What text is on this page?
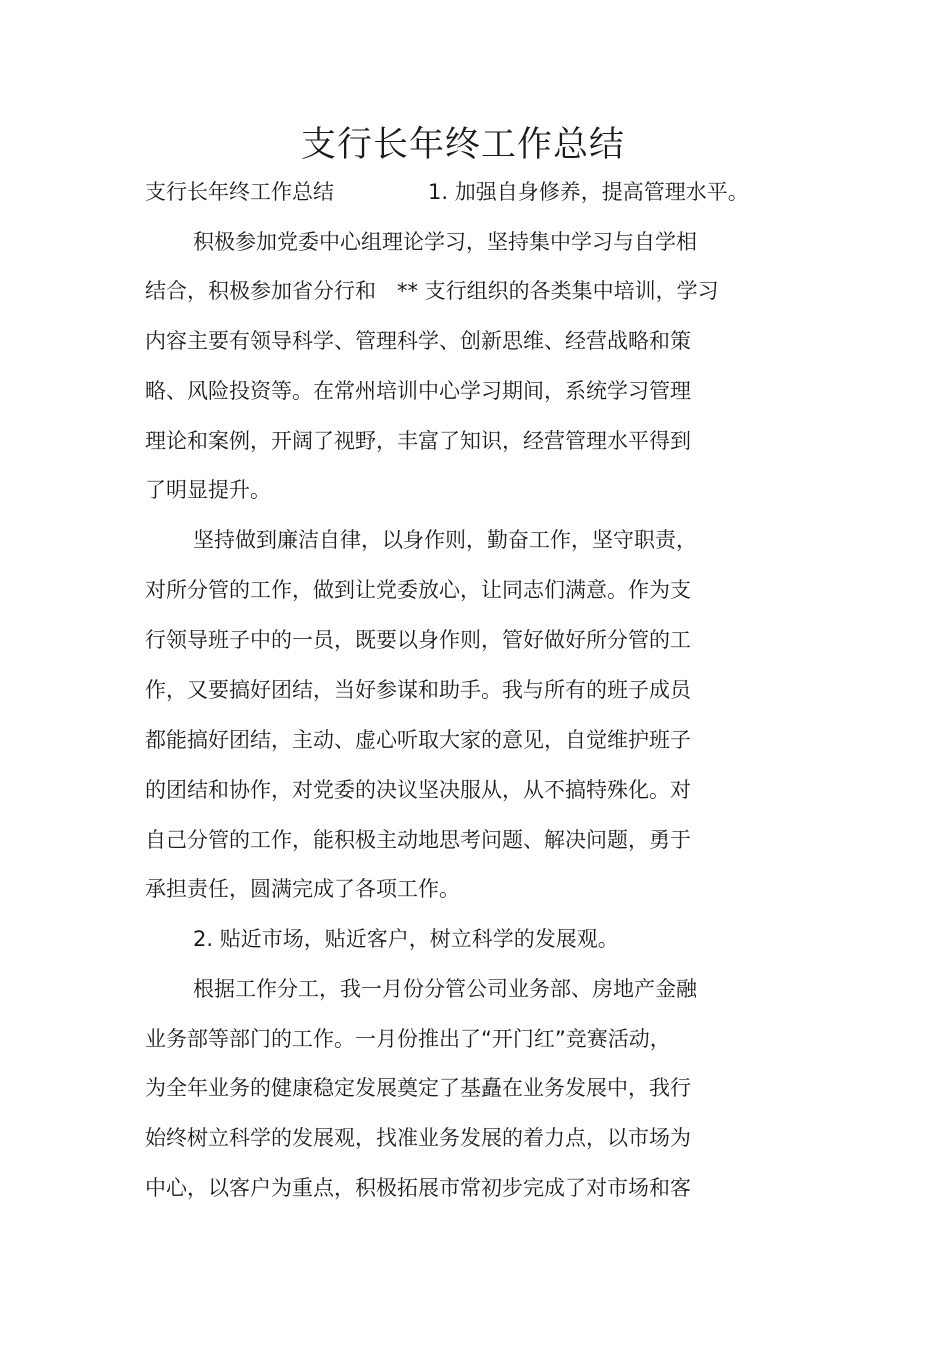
支行长年终工作总结

支行长年终工作总结	1. 加强自身修养，提高管理水平。

积极参加党委中心组理论学习，坚持集中学习与自学相

结合，积极参加省分行和　** 支行组织的各类集中培训，学习

内容主要有领导科学、管理科学、创新思维、经营战略和策

略、风险投资等。在常州培训中心学习期间，系统学习管理

理论和案例，开阔了视野，丰富了知识，经营管理水平得到

了明显提升。

坚持做到廉洁自律，以身作则，勤奋工作，坚守职责，

对所分管的工作，做到让党委放心，让同志们满意。作为支

行领导班子中的一员，既要以身作则，管好做好所分管的工

作，又要搞好团结，当好参谋和助手。我与所有的班子成员

都能搞好团结，主动、虚心听取大家的意见，自觉维护班子

的团结和协作，对党委的决议坚决服从，从不搞特殊化。对

自己分管的工作，能积极主动地思考问题、解决问题，勇于

承担责任，圆满完成了各项工作。

2. 贴近市场，贴近客户，树立科学的发展观。

根据工作分工，我一月份分管公司业务部、房地产金融

业务部等部门的工作。一月份推出了“开门红”竞赛活动，

为全年业务的健康稳定发展奠定了基矗在业务发展中，我行

始终树立科学的发展观，找准业务发展的着力点，以市场为

中心，以客户为重点，积极拓展市常初步完成了对市场和客
